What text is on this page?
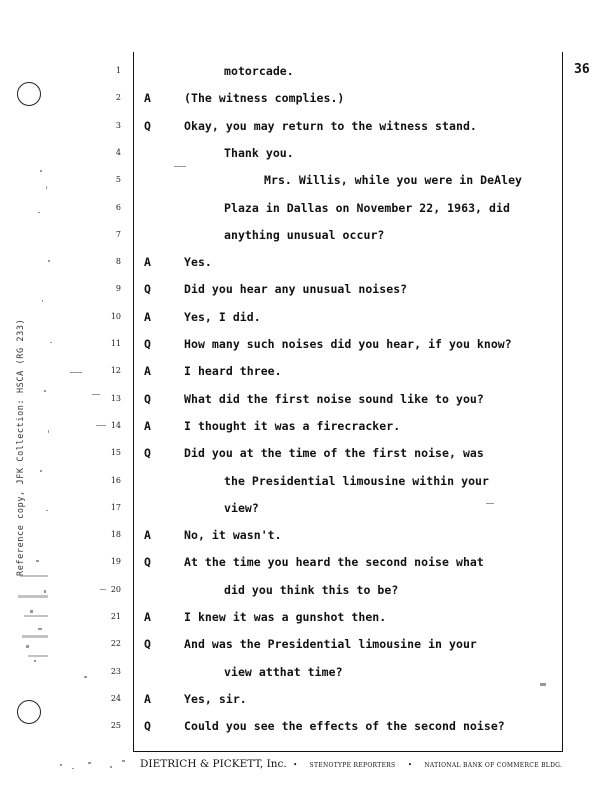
Reference copy, JFK Collection: HSCA (RG 233)
36
1	motorcade.
2 A	(The witness complies.)
3 Q	Okay, you may return to the witness stand.
4	Thank you.
5	Mrs. Willis, while you were in DeAley
6	Plaza in Dallas on November 22, 1963, did
7	anything unusual occur?
8 A	Yes.
9 Q	Did you hear any unusual noises?
10 A	Yes, I did.
11 Q	How many such noises did you hear, if you know?
12 A	I heard three.
13 Q	What did the first noise sound like to you?
14 A	I thought it was a firecracker.
15 Q	Did you at the time of the first noise, was
16	the Presidential limousine within your
17	view?
18 A	No, it wasn't.
19 Q	At the time you heard the second noise what
20	did you think this to be?
21 A	I knew it was a gunshot then.
22 Q	And was the Presidential limousine in your
23	view atthat time?
24 A	Yes, sir.
25 Q	Could you see the effects of the second noise?
DIETRICH & PICKETT, Inc. • STENOTYPE REPORTERS • NATIONAL BANK OF COMMERCE BLDG.
